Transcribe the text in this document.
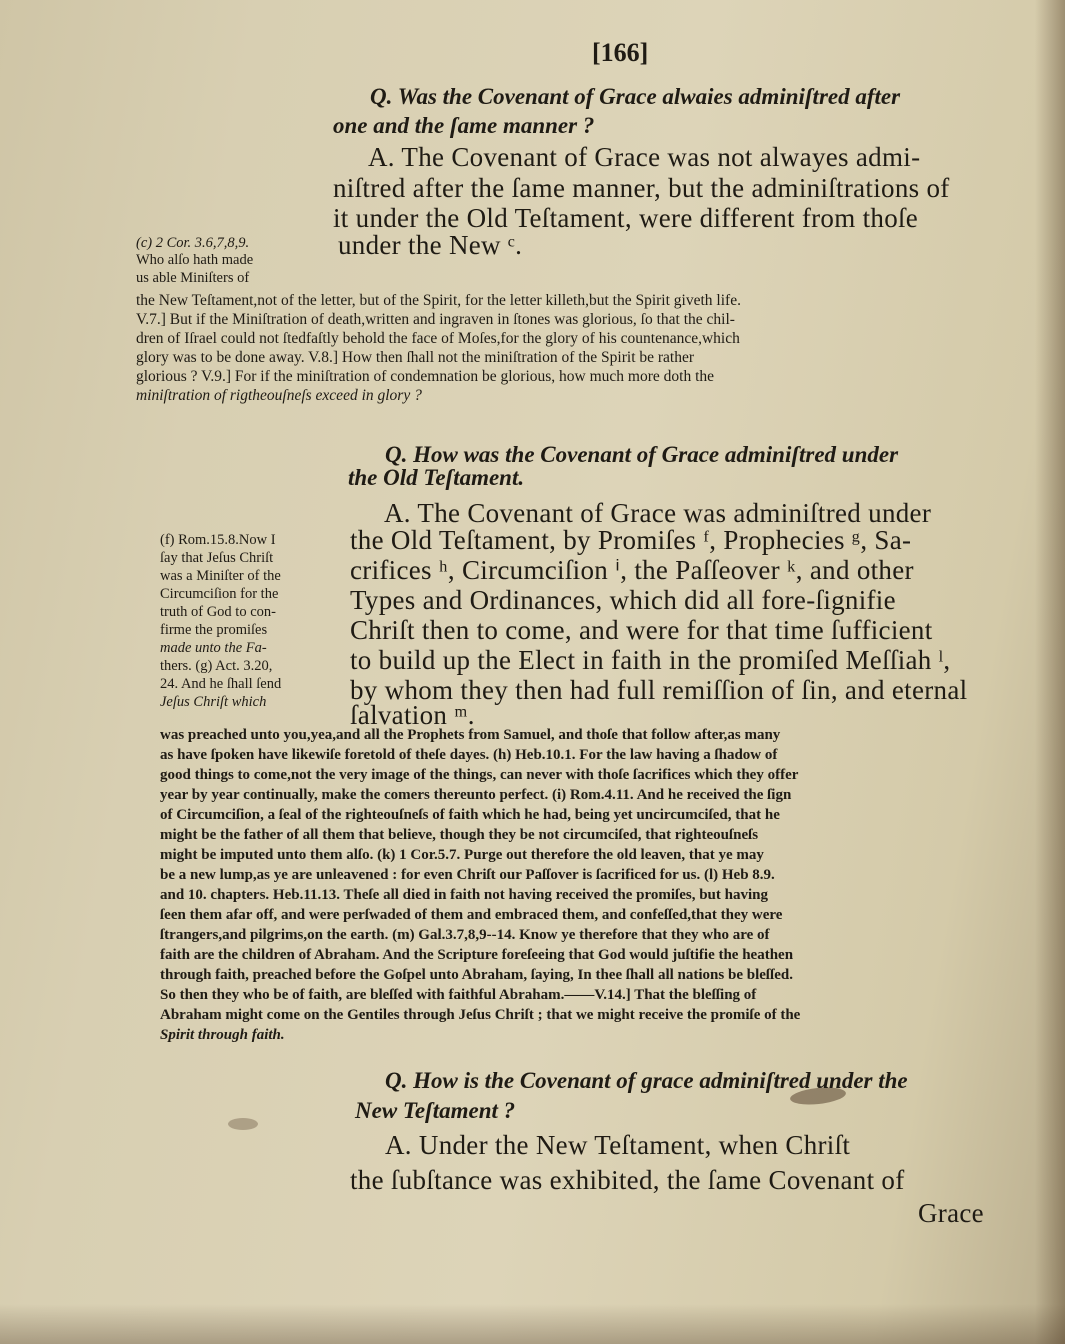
[166]
Q. Was the Covenant of Grace alwaies adminiſtred after
one and the ſame manner ?
A. The Covenant of Grace was not alwayes admi-
niſtred after the ſame manner, but the adminiſtrations of
it under the Old Teſtament, were different from thoſe
under the New ᶜ.
(c) 2 Cor. 3.6,7,8,9.
Who alſo hath made
us able Miniſters of
the New Teſtament,not of the letter, but of the Spirit, for the letter killeth,but the Spirit giveth life.
V.7.] But if the Miniſtration of death,written and ingraven in ſtones was glorious, ſo that the chil-
dren of Iſrael could not ſtedfaſtly behold the face of Moſes,for the glory of his countenance,which
glory was to be done away. V.8.] How then ſhall not the miniſtration of the Spirit be rather
glorious ? V.9.] For if the miniſtration of condemnation be glorious, how much more doth the
miniſtration of rigtheouſneſs exceed in glory ?
Q. How was the Covenant of Grace adminiſtred under
the Old Teſtament.
A. The Covenant of Grace was adminiſtred under
the Old Teſtament, by Promiſes ᶠ, Prophecies ᵍ, Sa-
crifices ʰ, Circumciſion ⁱ, the Paſſeover ᵏ, and other
Types and Ordinances, which did all fore-ſignifie
Chriſt then to come, and were for that time ſufficient
to build up the Elect in faith in the promiſed Meſſiah ˡ,
by whom they then had full remiſſion of ſin, and eternal
ſalvation ᵐ.
(f) Rom.15.8.Now I
ſay that Jeſus Chriſt
was a Miniſter of the
Circumciſion for the
truth of God to con-
firme the promiſes
made unto the Fa-
thers. (g) Act. 3.20,
24. And he ſhall ſend
Jeſus Chriſt which
was preached unto you,yea,and all the Prophets from Samuel, and thoſe that follow after,as many
as have ſpoken have likewiſe foretold of theſe dayes. (h) Heb.10.1. For the law having a ſhadow of
good things to come,not the very image of the things, can never with thoſe ſacrifices which they offer
year by year continually, make the comers thereunto perfect. (i) Rom.4.11. And he received the ſign
of Circumciſion, a ſeal of the righteouſneſs of faith which he had, being yet uncircumciſed, that he
might be the father of all them that believe, though they be not circumciſed, that righteouſneſs
might be imputed unto them alſo. (k) 1 Cor.5.7. Purge out therefore the old leaven, that ye may
be a new lump,as ye are unleavened : for even Chriſt our Paſſover is ſacrificed for us. (l) Heb 8.9.
and 10. chapters. Heb.11.13. Theſe all died in faith not having received the promiſes, but having
ſeen them afar off, and were perſwaded of them and embraced them, and confeſſed,that they were
ſtrangers,and pilgrims,on the earth. (m) Gal.3.7,8,9--14. Know ye therefore that they who are of
faith are the children of Abraham. And the Scripture foreſeeing that God would juſtifie the heathen
through faith, preached before the Goſpel unto Abraham, ſaying, In thee ſhall all nations be bleſſed.
So then they who be of faith, are bleſſed with faithful Abraham.——V.14.] That the bleſſing of
Abraham might come on the Gentiles through Jeſus Chriſt ; that we might receive the promiſe of the
Spirit through faith.
Q. How is the Covenant of grace adminiſtred under the
New Teſtament ?
A. Under the New Teſtament, when Chriſt
the ſubſtance was exhibited, the ſame Covenant of
Grace
